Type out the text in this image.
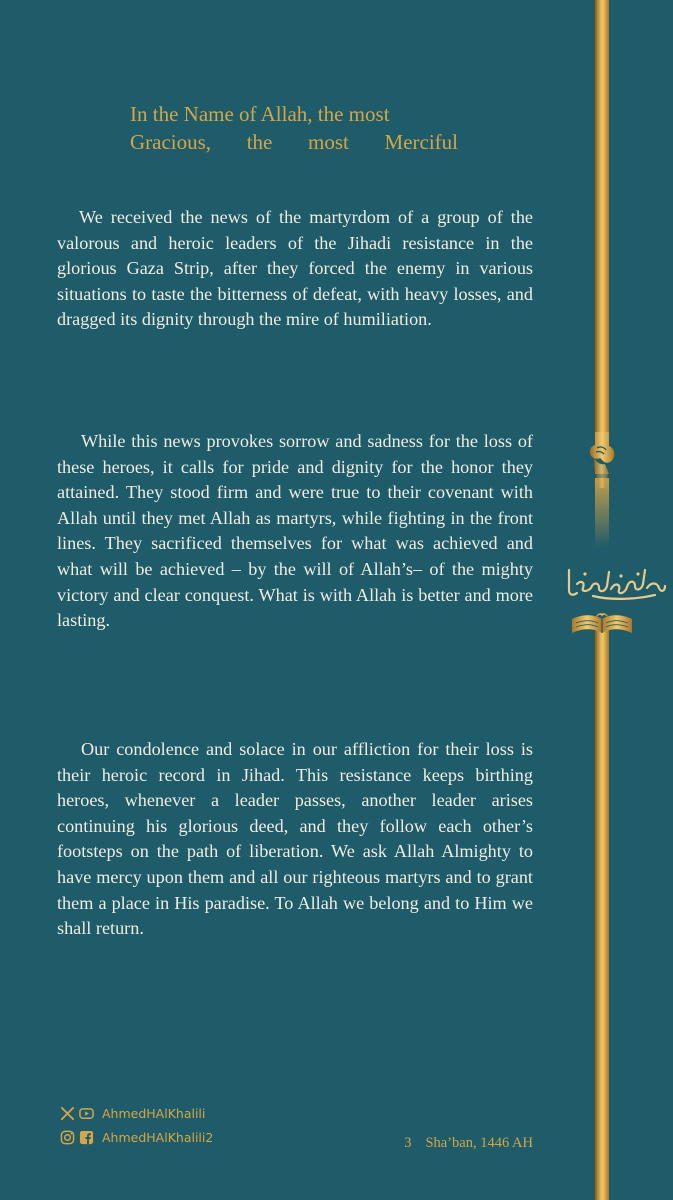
In the Name of Allah, the most
Gracious, the most Merciful

We received the news of the martyrdom of a group of the valorous and heroic leaders of the Jihadi resistance in the glorious Gaza Strip, after they forced the enemy in various situations to taste the bitterness of defeat, with heavy losses, and dragged its dignity through the mire of humiliation.

While this news provokes sorrow and sadness for the loss of these heroes, it calls for pride and dignity for the honor they attained. They stood firm and were true to their covenant with Allah until they met Allah as martyrs, while fighting in the front lines. They sacrificed themselves for what was achieved and what will be achieved – by the will of Allah’s– of the mighty victory and clear conquest. What is with Allah is better and more lasting.

Our condolence and solace in our affliction for their loss is their heroic record in Jihad. This resistance keeps birthing heroes, whenever a leader passes, another leader arises continuing his glorious deed, and they follow each other’s footsteps on the path of liberation. We ask Allah Almighty to have mercy upon them and all our righteous martyrs and to grant them a place in His paradise. To Allah we belong and to Him we shall return.

AhmedHAlKhalili
AhmedHAlKhalili2	3 Sha’ban, 1446 AH
